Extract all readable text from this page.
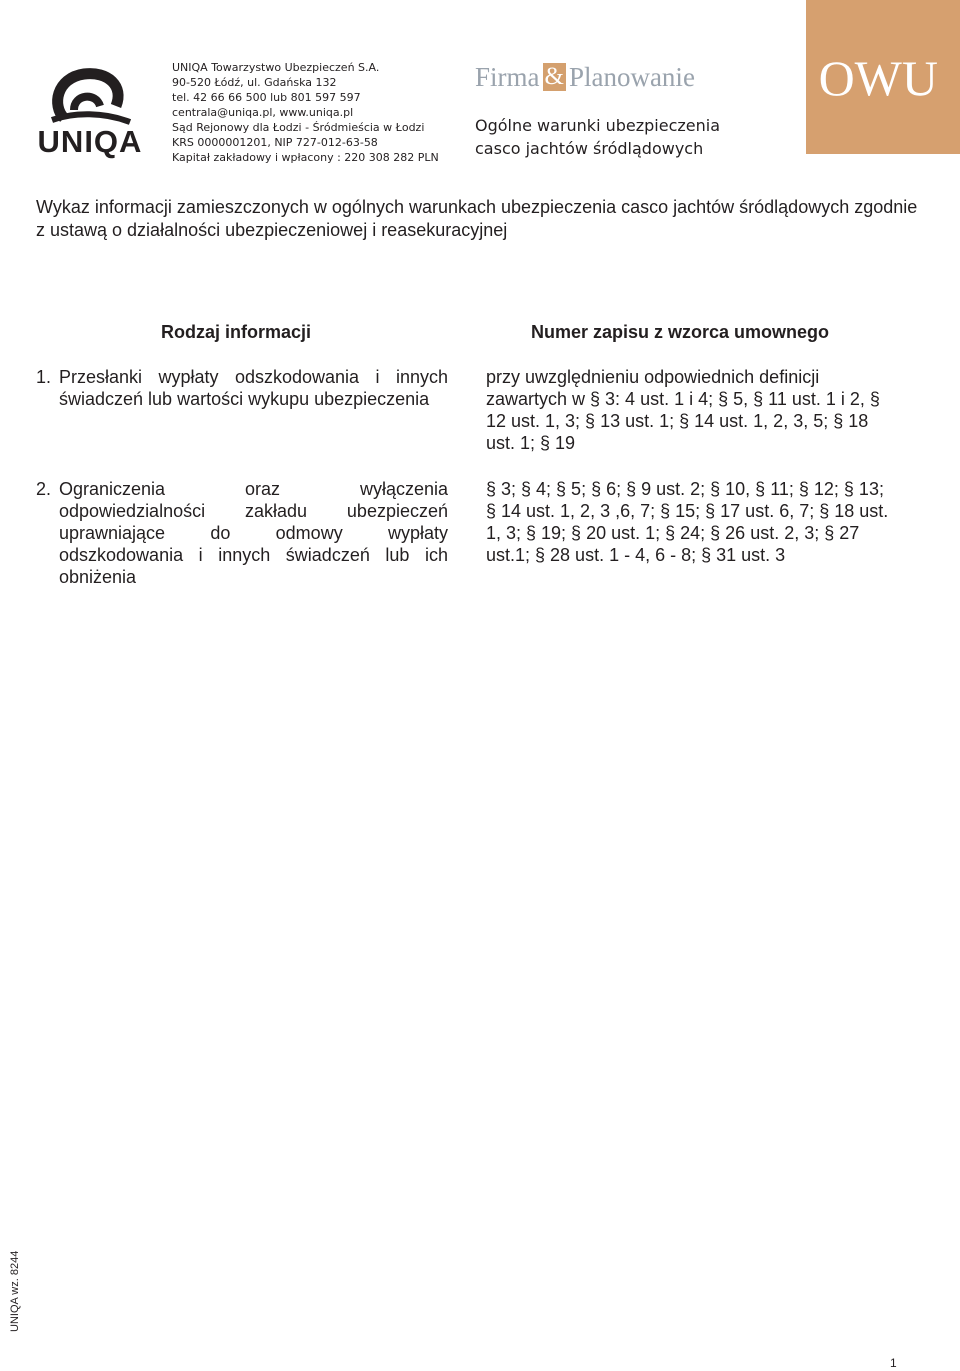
UNIQA
UNIQA Towarzystwo Ubezpieczeń S.A.
90-520 Łódź, ul. Gdańska 132
tel. 42 66 66 500 lub 801 597 597
centrala@uniqa.pl, www.uniqa.pl
Sąd Rejonowy dla Łodzi - Śródmieścia w Łodzi
KRS 0000001201, NIP 727-012-63-58
Kapitał zakładowy i wpłacony : 220 308 282 PLN
Firma & Planowanie
Ogólne warunki ubezpieczenia
casco jachtów śródlądowych
OWU
Wykaz informacji zamieszczonych w ogólnych warunkach ubezpieczenia casco jachtów śródlądowych zgodnie z ustawą o działalności ubezpieczeniowej i reasekuracyjnej
Rodzaj informacji	Numer zapisu z wzorca umownego
1. Przesłanki wypłaty odszkodowania i innych świadczeń lub wartości wykupu ubezpieczenia
przy uwzględnieniu odpowiednich definicji zawartych w § 3: 4 ust. 1 i 4; § 5, § 11 ust. 1 i 2, § 12 ust. 1, 3; § 13 ust. 1; § 14 ust. 1, 2, 3, 5; § 18 ust. 1; § 19
2. Ograniczenia oraz wyłączenia odpowiedzialności zakładu ubezpieczeń uprawniające do odmowy wypłaty odszkodowania i innych świadczeń lub ich obniżenia
§ 3; § 4; § 5; § 6; § 9 ust. 2; § 10, § 11; § 12; § 13; § 14 ust. 1, 2, 3 ,6, 7; § 15; § 17 ust. 6, 7; § 18 ust. 1, 3; § 19; § 20 ust. 1; § 24; § 26 ust. 2, 3; § 27 ust.1; § 28 ust. 1 - 4, 6 - 8; § 31 ust. 3
UNIQA wz. 8244
1
